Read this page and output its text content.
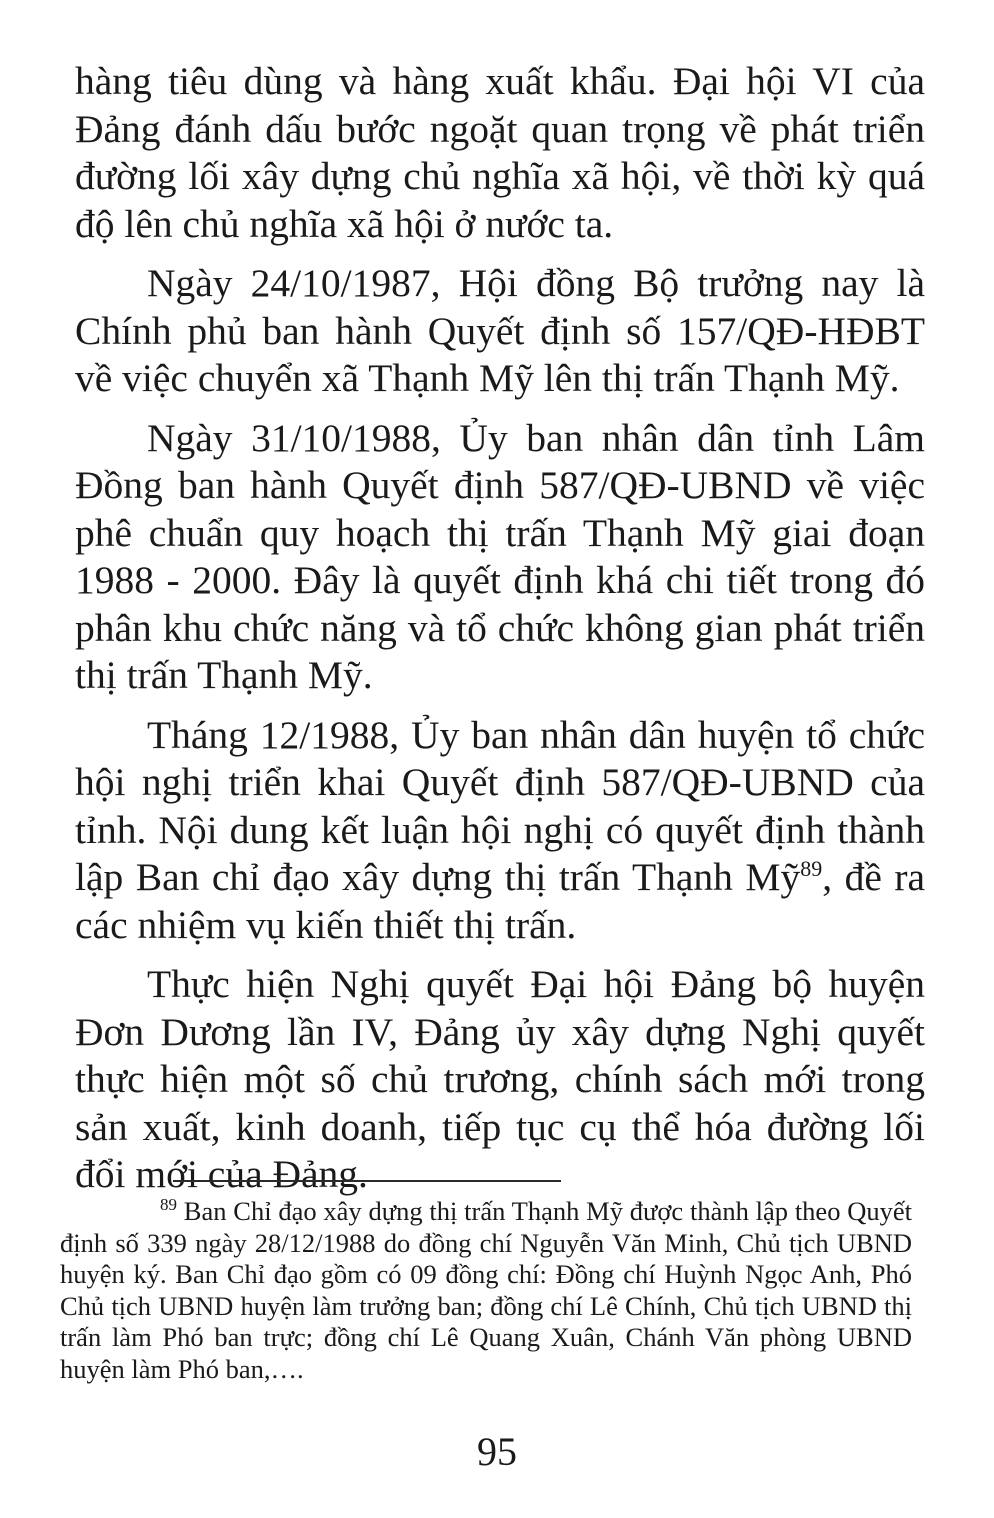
hàng tiêu dùng và hàng xuất khẩu. Đại hội VI của Đảng đánh dấu bước ngoặt quan trọng về phát triển đường lối xây dựng chủ nghĩa xã hội, về thời kỳ quá độ lên chủ nghĩa xã hội ở nước ta.

Ngày 24/10/1987, Hội đồng Bộ trưởng nay là Chính phủ ban hành Quyết định số 157/QĐ-HĐBT về việc chuyển xã Thạnh Mỹ lên thị trấn Thạnh Mỹ.

Ngày 31/10/1988, Ủy ban nhân dân tỉnh Lâm Đồng ban hành Quyết định 587/QĐ-UBND về việc phê chuẩn quy hoạch thị trấn Thạnh Mỹ giai đoạn 1988 - 2000. Đây là quyết định khá chi tiết trong đó phân khu chức năng và tổ chức không gian phát triển thị trấn Thạnh Mỹ.

Tháng 12/1988, Ủy ban nhân dân huyện tổ chức hội nghị triển khai Quyết định 587/QĐ-UBND của tỉnh. Nội dung kết luận hội nghị có quyết định thành lập Ban chỉ đạo xây dựng thị trấn Thạnh Mỹ$^{89}$, đề ra các nhiệm vụ kiến thiết thị trấn.

Thực hiện Nghị quyết Đại hội Đảng bộ huyện Đơn Dương lần IV, Đảng ủy xây dựng Nghị quyết thực hiện một số chủ trương, chính sách mới trong sản xuất, kinh doanh, tiếp tục cụ thể hóa đường lối đổi mới của Đảng.

$^{89}$ Ban Chỉ đạo xây dựng thị trấn Thạnh Mỹ được thành lập theo Quyết định số 339 ngày 28/12/1988 do đồng chí Nguyễn Văn Minh, Chủ tịch UBND huyện ký. Ban Chỉ đạo gồm có 09 đồng chí: Đồng chí Huỳnh Ngọc Anh, Phó Chủ tịch UBND huyện làm trưởng ban; đồng chí Lê Chính, Chủ tịch UBND thị trấn làm Phó ban trực; đồng chí Lê Quang Xuân, Chánh Văn phòng UBND huyện làm Phó ban,….

95
